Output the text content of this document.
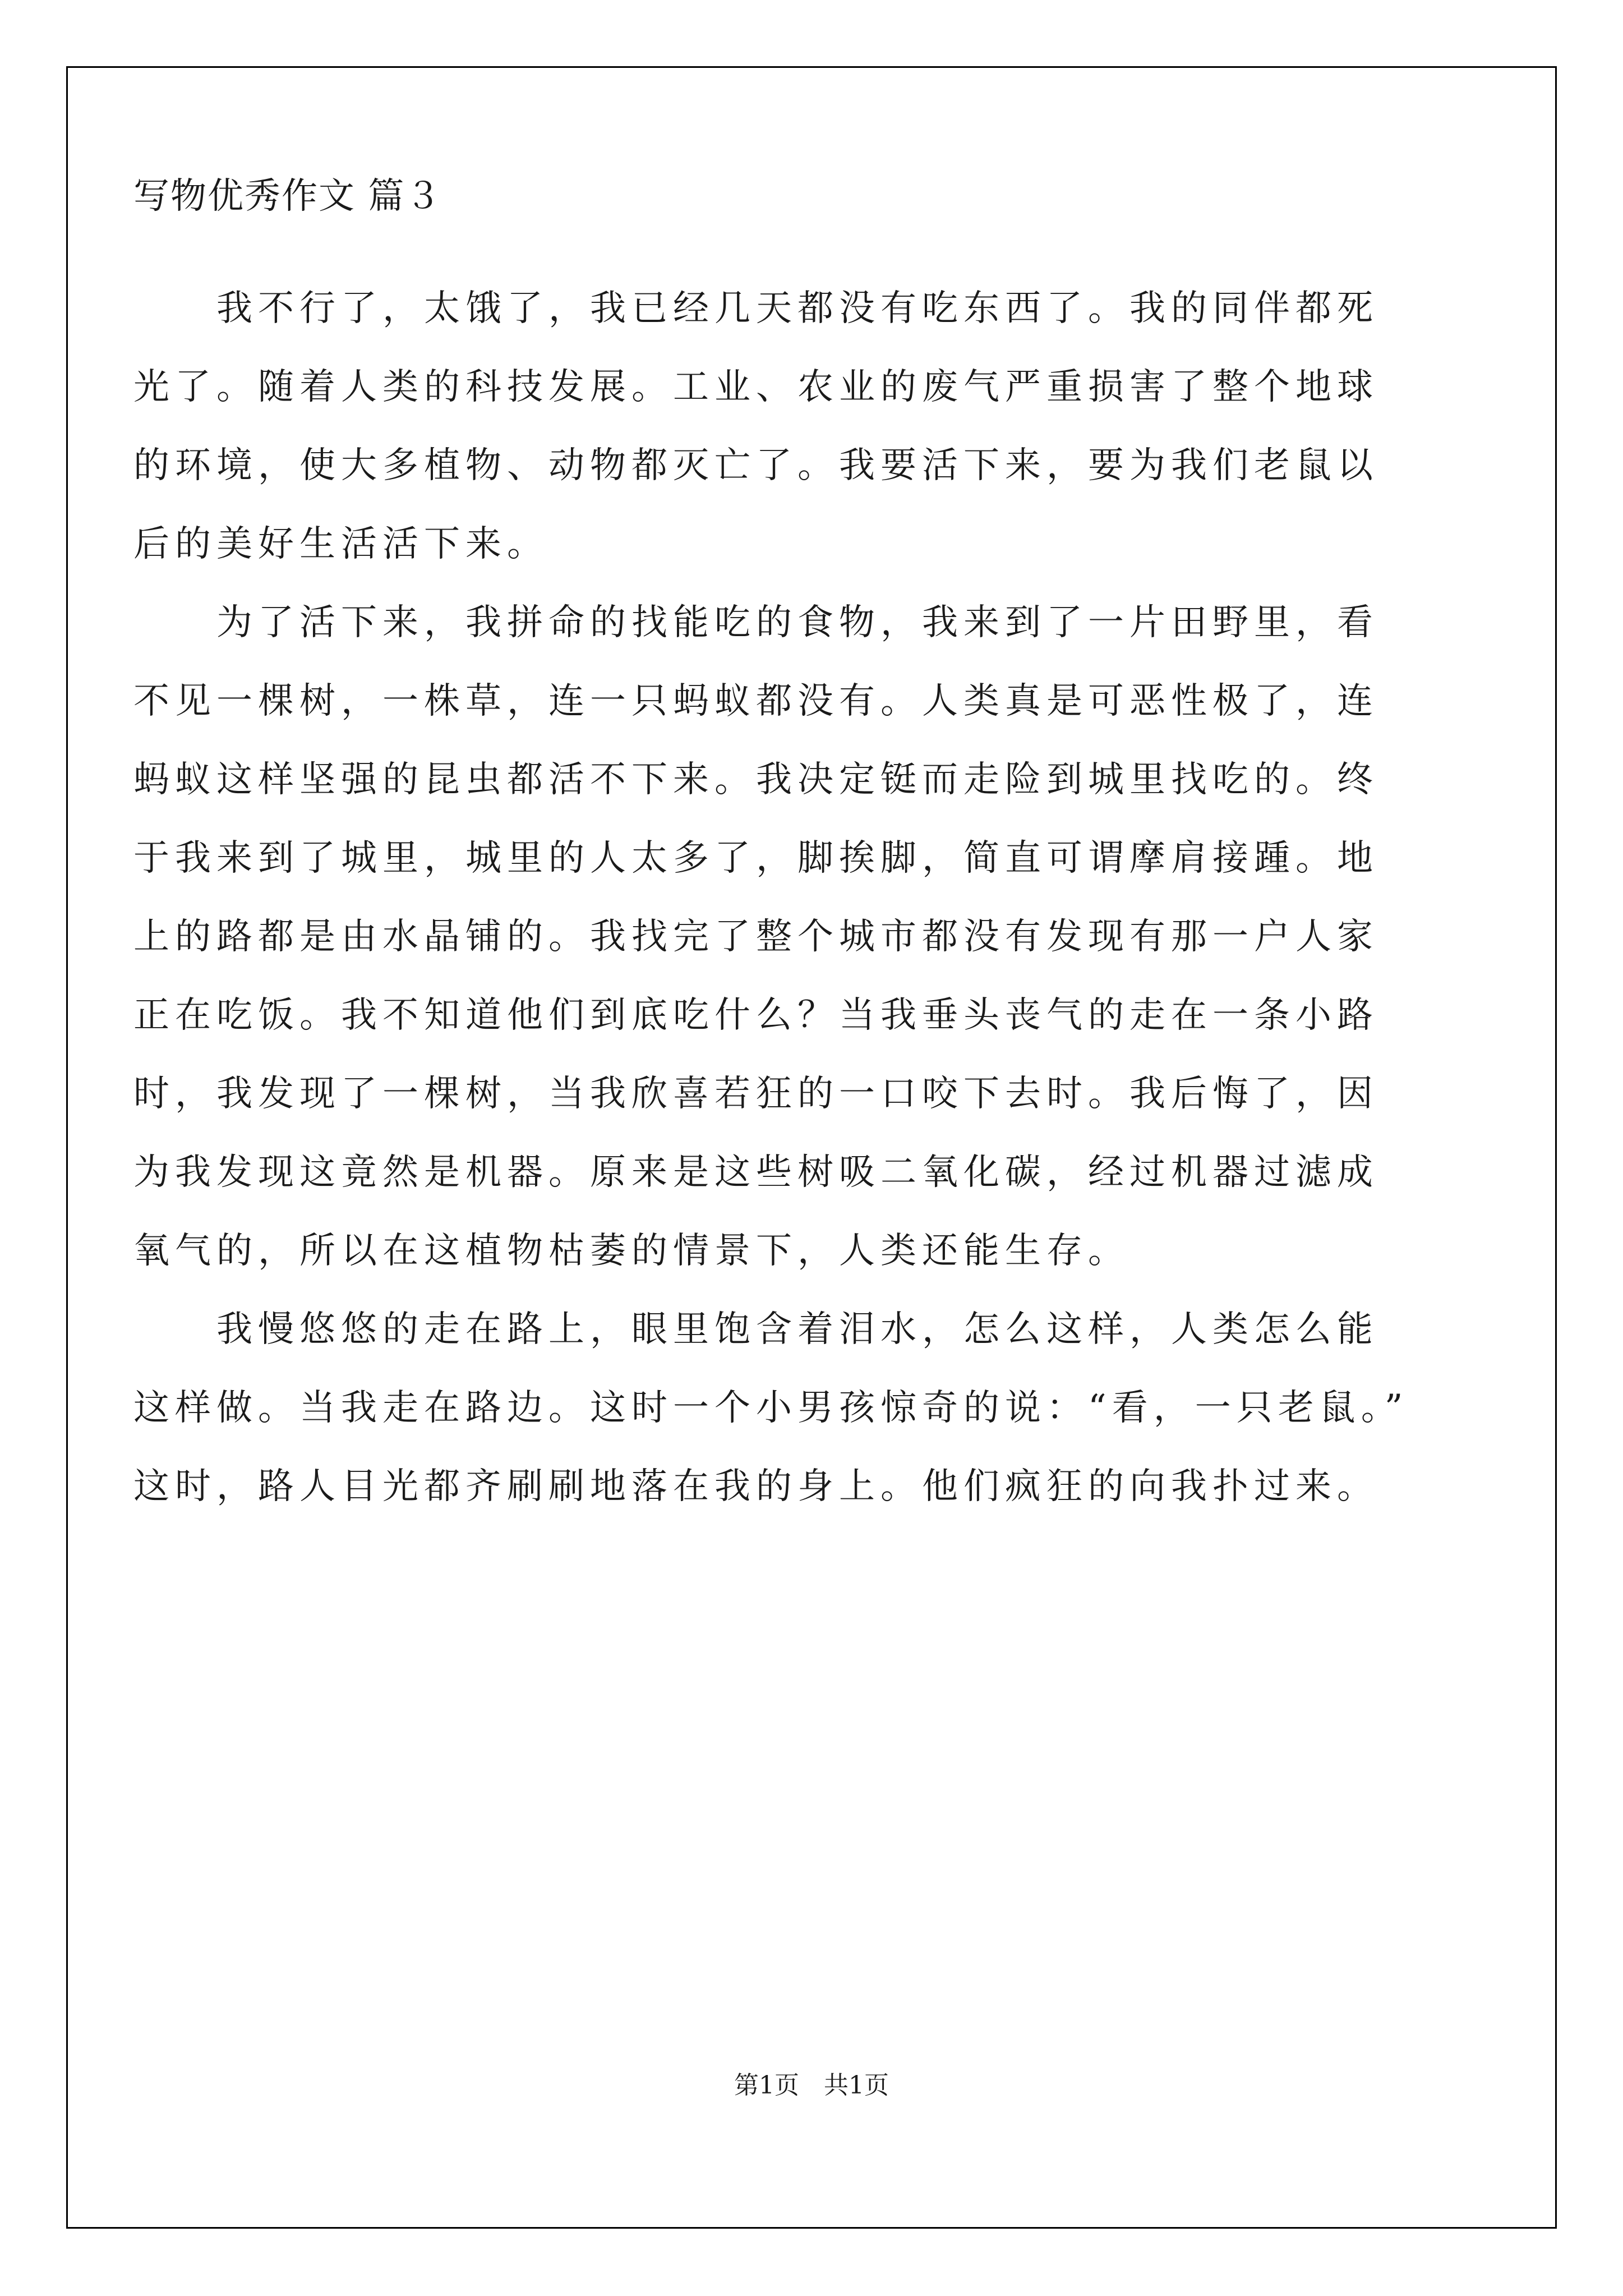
写物优秀作文 篇３
　　我不行了，太饿了，我已经几天都没有吃东西了。我的同伴都死
光了。随着人类的科技发展。工业、农业的废气严重损害了整个地球
的环境，使大多植物、动物都灭亡了。我要活下来，要为我们老鼠以
后的美好生活活下来。
　　为了活下来，我拼命的找能吃的食物，我来到了一片田野里，看
不见一棵树，一株草，连一只蚂蚁都没有。人类真是可恶性极了，连
蚂蚁这样坚强的昆虫都活不下来。我决定铤而走险到城里找吃的。终
于我来到了城里，城里的人太多了，脚挨脚，简直可谓摩肩接踵。地
上的路都是由水晶铺的。我找完了整个城市都没有发现有那一户人家
正在吃饭。我不知道他们到底吃什么？当我垂头丧气的走在一条小路
时，我发现了一棵树，当我欣喜若狂的一口咬下去时。我后悔了，因
为我发现这竟然是机器。原来是这些树吸二氧化碳，经过机器过滤成
氧气的，所以在这植物枯萎的情景下，人类还能生存。
　　我慢悠悠的走在路上，眼里饱含着泪水，怎么这样，人类怎么能
这样做。当我走在路边。这时一个小男孩惊奇的说：“看，一只老鼠。”
这时，路人目光都齐刷刷地落在我的身上。他们疯狂的向我扑过来。
第1页　共1页
